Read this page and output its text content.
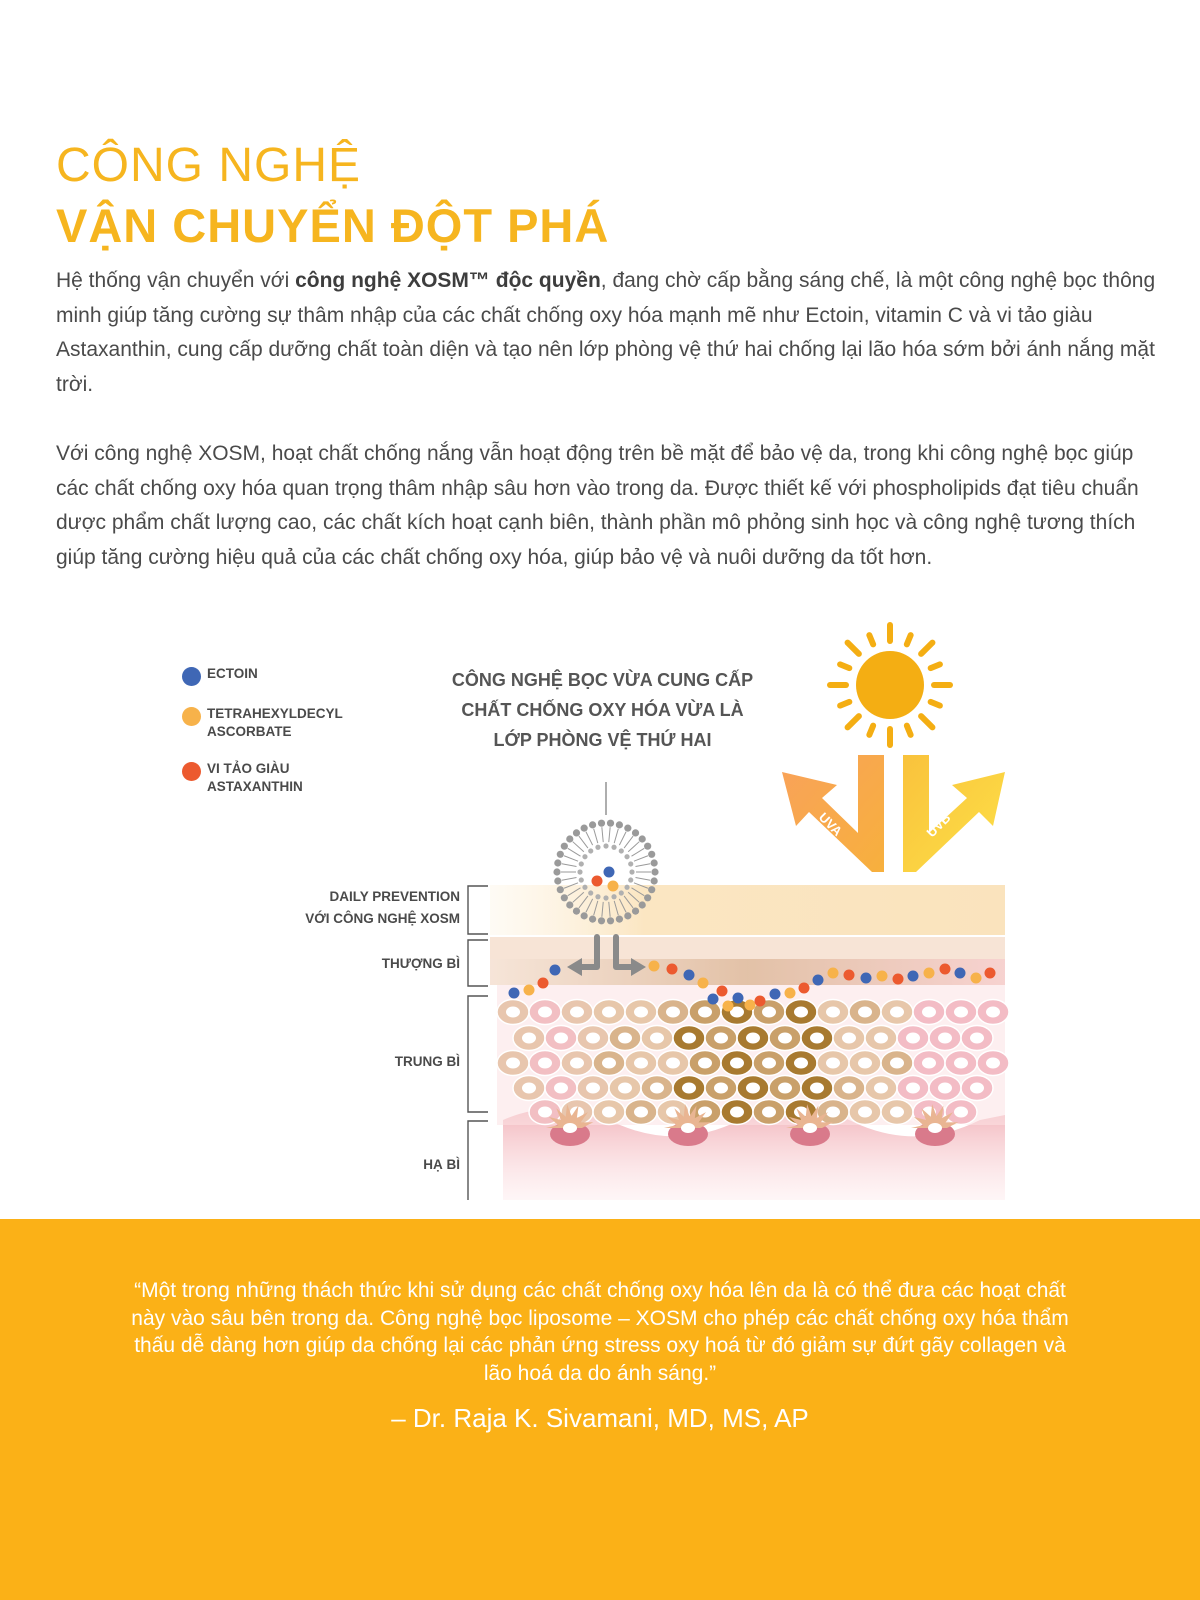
CÔNG NGHỆ
VẬN CHUYỂN ĐỘT PHÁ

Hệ thống vận chuyển với công nghệ XOSM™ độc quyền, đang chờ cấp bằng sáng chế, là một công nghệ bọc thông minh giúp tăng cường sự thâm nhập của các chất chống oxy hóa mạnh mẽ như Ectoin, vitamin C và vi tảo giàu Astaxanthin, cung cấp dưỡng chất toàn diện và tạo nên lớp phòng vệ thứ hai chống lại lão hóa sớm bởi ánh nắng mặt trời.

Với công nghệ XOSM, hoạt chất chống nắng vẫn hoạt động trên bề mặt để bảo vệ da, trong khi công nghệ bọc giúp các chất chống oxy hóa quan trọng thâm nhập sâu hơn vào trong da. Được thiết kế với phospholipids đạt tiêu chuẩn dược phẩm chất lượng cao, các chất kích hoạt cạnh biên, thành phần mô phỏng sinh học và công nghệ tương thích giúp tăng cường hiệu quả của các chất chống oxy hóa, giúp bảo vệ và nuôi dưỡng da tốt hơn.

UVA	UVB
ECTOIN
TETRAHEXYLDECYL
ASCORBATE
VI TẢO GIÀU
ASTAXANTHIN
CÔNG NGHỆ BỌC VỪA CUNG CẤP
CHẤT CHỐNG OXY HÓA VỪA LÀ
LỚP PHÒNG VỆ THỨ HAI
DAILY PREVENTION
VỚI CÔNG NGHỆ XOSM
THƯỢNG BÌ
TRUNG BÌ
HẠ BÌ

“Một trong những thách thức khi sử dụng các chất chống oxy hóa lên da là có thể đưa các hoạt chất này vào sâu bên trong da. Công nghệ bọc liposome – XOSM cho phép các chất chống oxy hóa thẩm thấu dễ dàng hơn giúp da chống lại các phản ứng stress oxy hoá từ đó giảm sự đứt gãy collagen và lão hoá da do ánh sáng.”

– Dr. Raja K. Sivamani, MD, MS, AP
